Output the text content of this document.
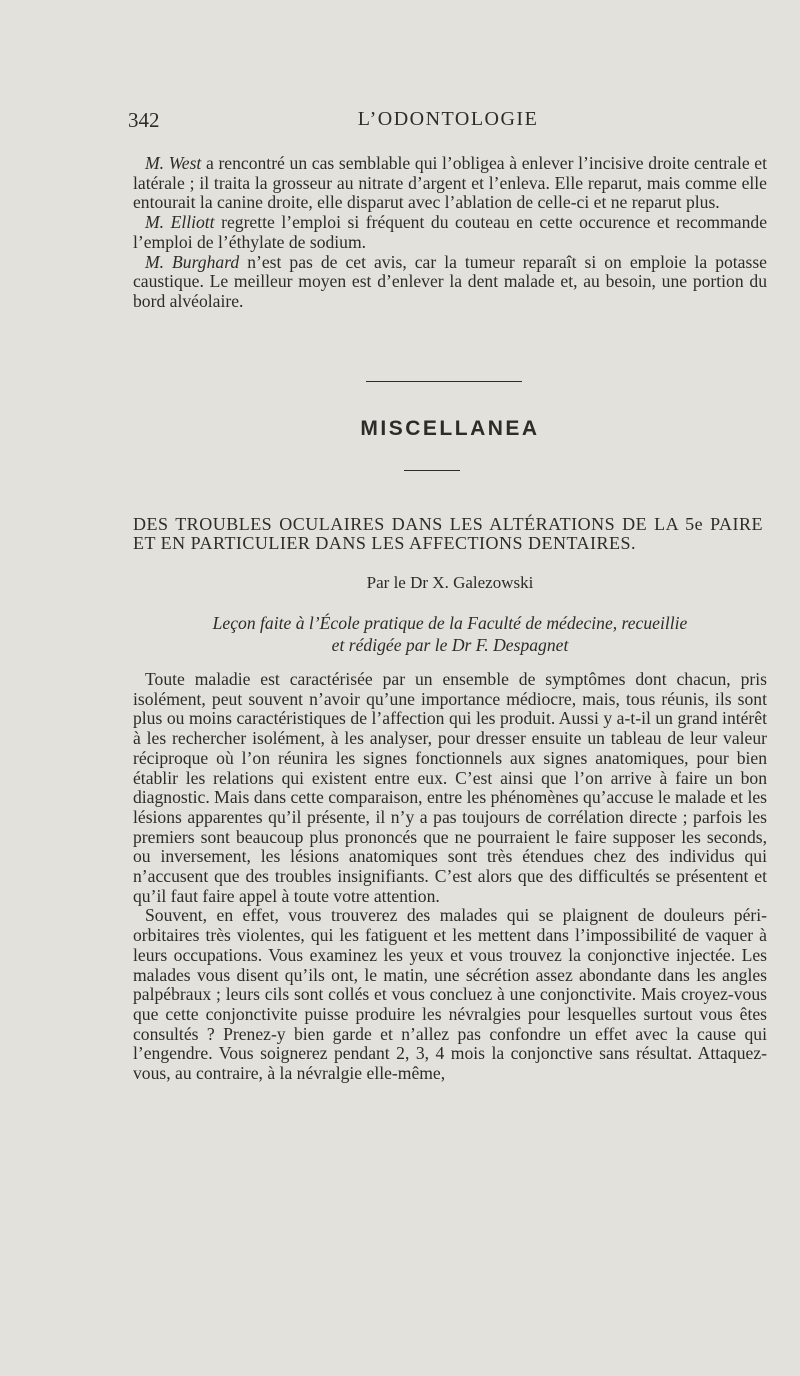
342	L’ODONTOLOGIE

M. West a rencontré un cas semblable qui l’obligea à enlever l’incisive droite centrale et latérale ; il traita la grosseur au nitrate d’argent et l’enleva. Elle reparut, mais comme elle entourait la canine droite, elle disparut avec l’ablation de celle-ci et ne reparut plus.

M. Elliott regrette l’emploi si fréquent du couteau en cette occurence et recommande l’emploi de l’éthylate de sodium.

M. Burghard n’est pas de cet avis, car la tumeur reparaît si on emploie la potasse caustique. Le meilleur moyen est d’enlever la dent malade et, au besoin, une portion du bord alvéolaire.

MISCELLANEA
DES TROUBLES OCULAIRES DANS LES ALTÉRATIONS DE LA 5e PAIRE ET EN PARTICULIER DANS LES AFFECTIONS DENTAIRES.
Par le Dr X. Galezowski
Leçon faite à l’École pratique de la Faculté de médecine, recueillie
et rédigée par le Dr F. Despagnet

Toute maladie est caractérisée par un ensemble de symptômes dont chacun, pris isolément, peut souvent n’avoir qu’une importance médiocre, mais, tous réunis, ils sont plus ou moins caractéristiques de l’affection qui les produit. Aussi y a-t-il un grand intérêt à les rechercher isolément, à les analyser, pour dresser ensuite un tableau de leur valeur réciproque où l’on réunira les signes fonctionnels aux signes anatomiques, pour bien établir les relations qui existent entre eux. C’est ainsi que l’on arrive à faire un bon diagnostic. Mais dans cette comparaison, entre les phénomènes qu’accuse le malade et les lésions apparentes qu’il présente, il n’y a pas toujours de corrélation directe ; parfois les premiers sont beaucoup plus prononcés que ne pourraient le faire supposer les seconds, ou inversement, les lésions anatomiques sont très étendues chez des individus qui n’accusent que des troubles insignifiants. C’est alors que des difficultés se présentent et qu’il faut faire appel à toute votre attention.

Souvent, en effet, vous trouverez des malades qui se plaignent de douleurs péri-orbitaires très violentes, qui les fatiguent et les mettent dans l’impossibilité de vaquer à leurs occupations. Vous examinez les yeux et vous trouvez la conjonctive injectée. Les malades vous disent qu’ils ont, le matin, une sécrétion assez abondante dans les angles palpébraux ; leurs cils sont collés et vous concluez à une conjonctivite. Mais croyez-vous que cette conjonctivite puisse produire les névralgies pour lesquelles surtout vous êtes consultés ? Prenez-y bien garde et n’allez pas confondre un effet avec la cause qui l’engendre. Vous soignerez pendant 2, 3, 4 mois la conjonctive sans résultat. Attaquez-vous, au contraire, à la névralgie elle-même,
